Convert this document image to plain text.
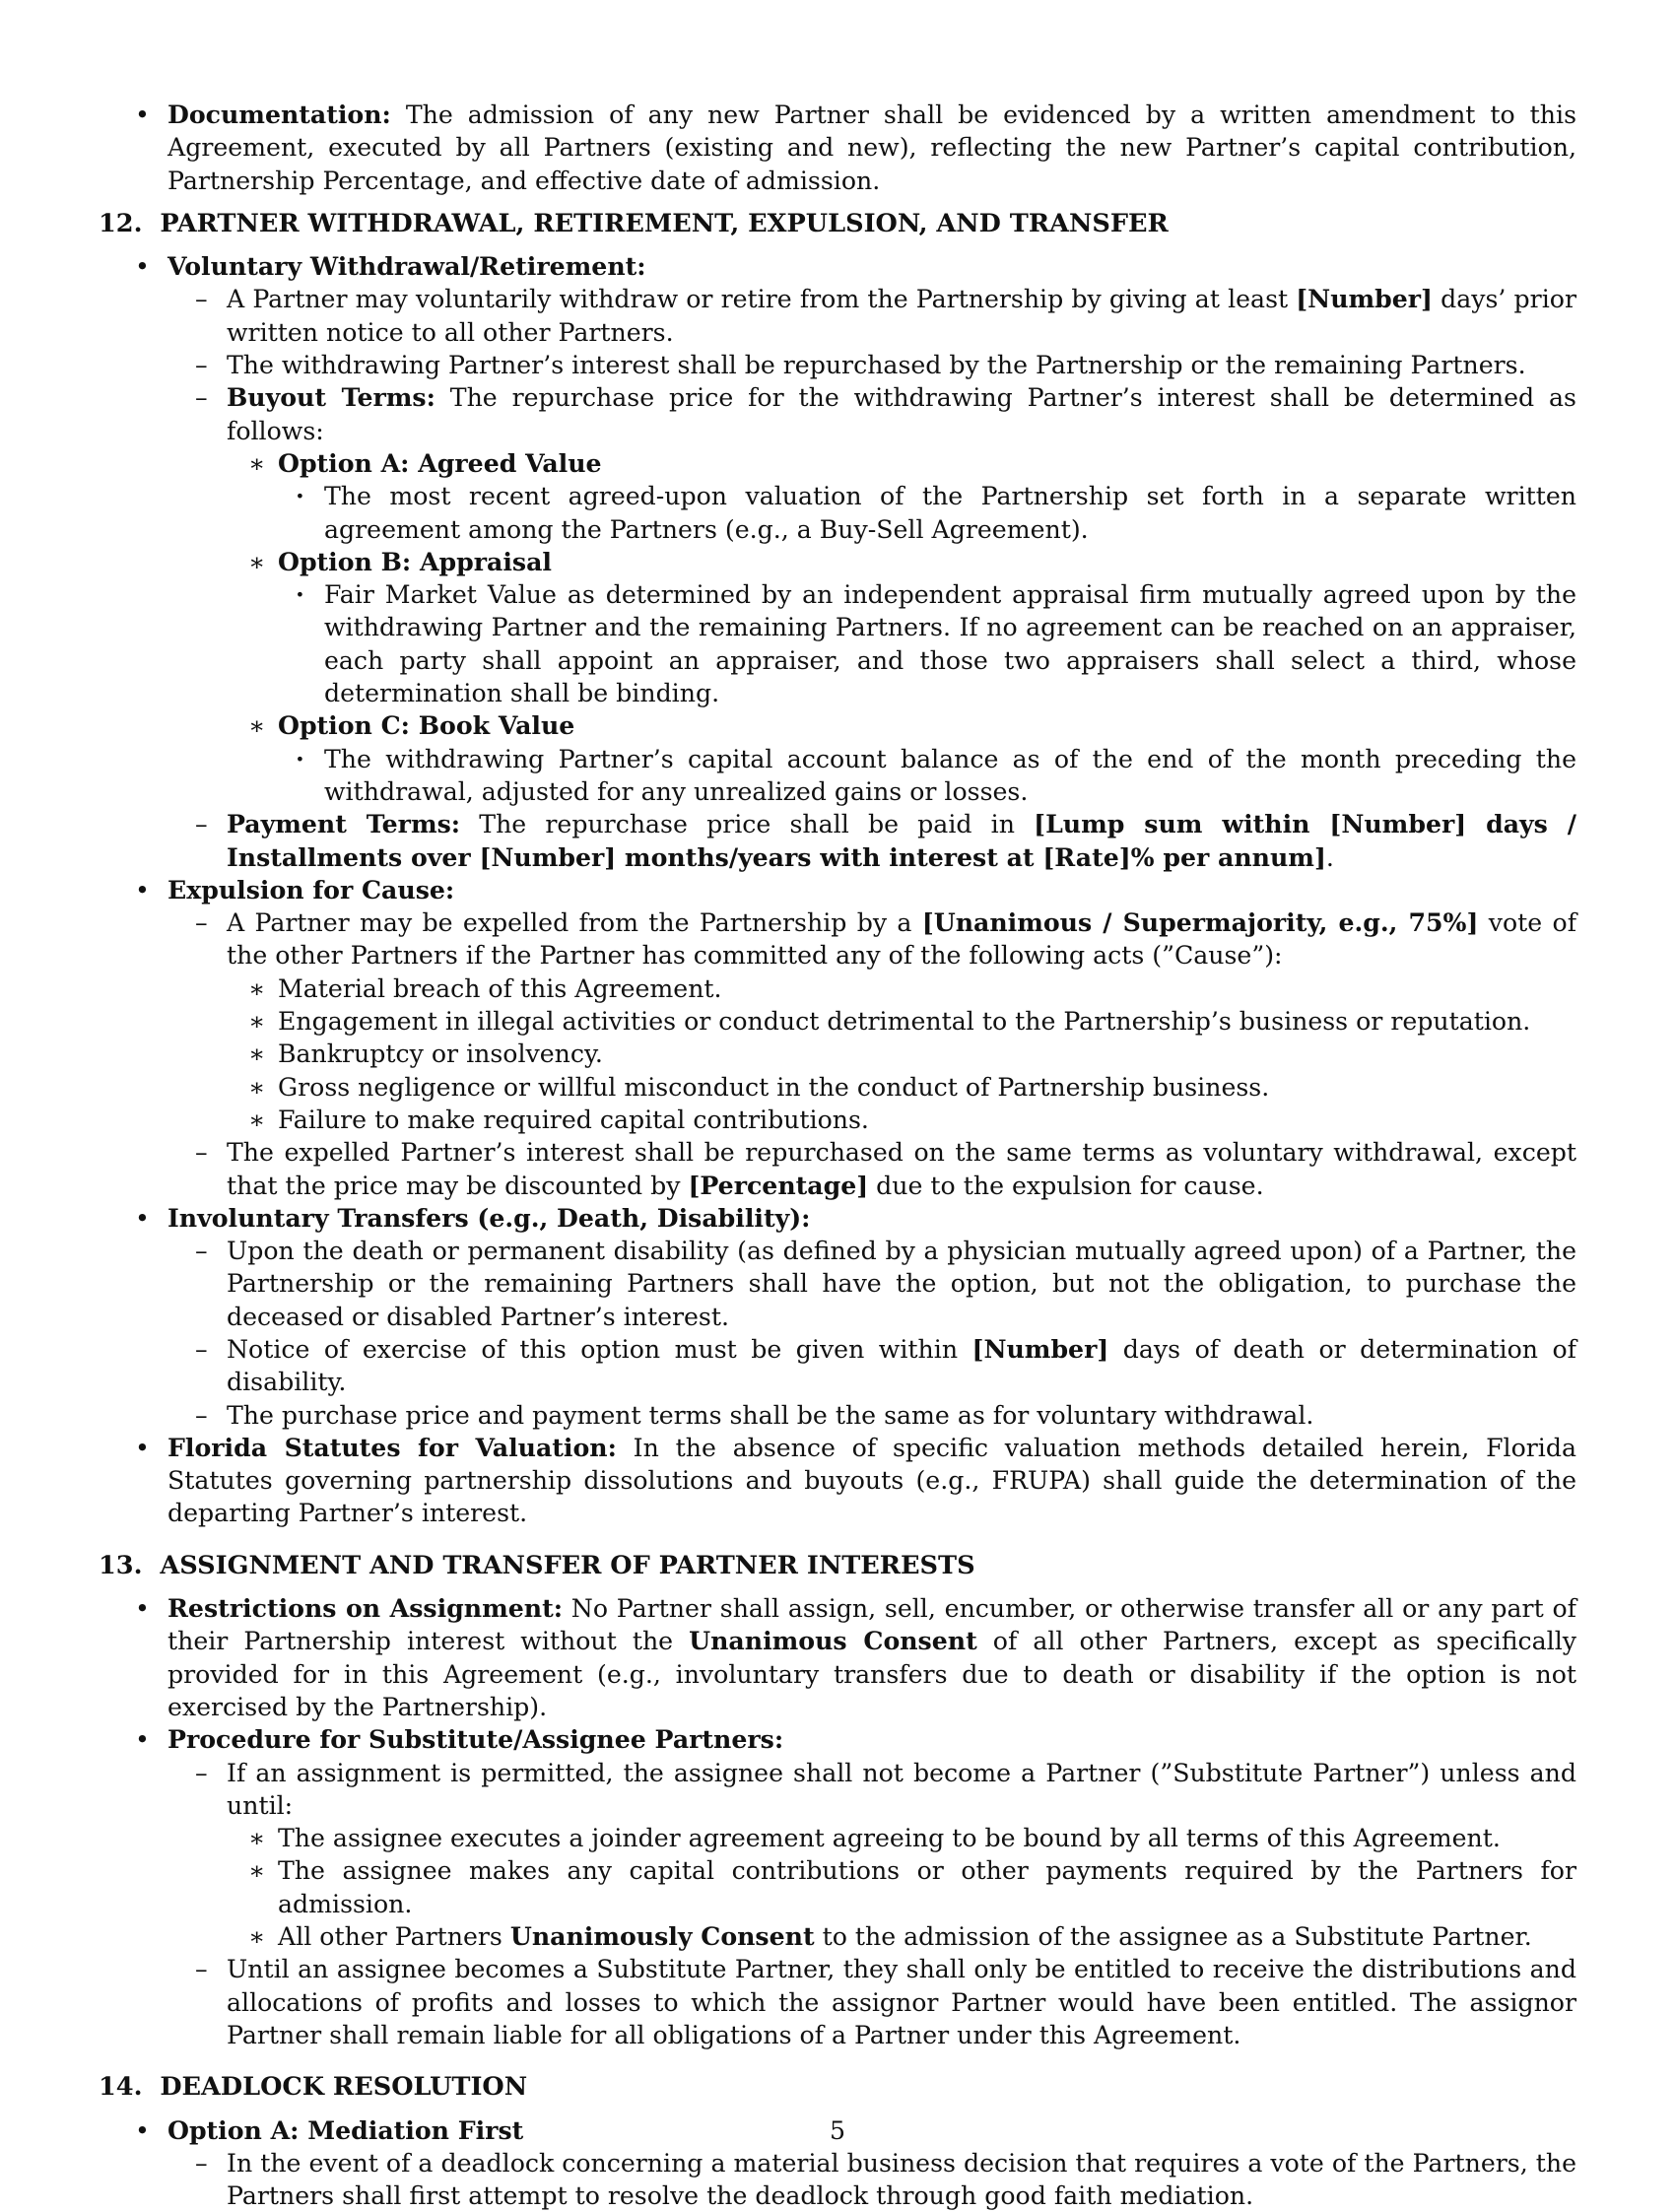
• Documentation: The admission of any new Partner shall be evidenced by a written amendment to this Agreement, executed by all Partners (existing and new), reflecting the new Partner’s capital contribution, Partnership Percentage, and effective date of admission.

12. PARTNER WITHDRAWAL, RETIREMENT, EXPULSION, AND TRANSFER

• Voluntary Withdrawal/Retirement:
– A Partner may voluntarily withdraw or retire from the Partnership by giving at least [Number] days’ prior written notice to all other Partners.
– The withdrawing Partner’s interest shall be repurchased by the Partnership or the remaining Partners.
– Buyout Terms: The repurchase price for the withdrawing Partner’s interest shall be determined as follows:
∗ Option A: Agreed Value
· The most recent agreed-upon valuation of the Partnership set forth in a separate written agreement among the Partners (e.g., a Buy-Sell Agreement).
∗ Option B: Appraisal
· Fair Market Value as determined by an independent appraisal firm mutually agreed upon by the withdrawing Partner and the remaining Partners. If no agreement can be reached on an appraiser, each party shall appoint an appraiser, and those two appraisers shall select a third, whose determination shall be binding.
∗ Option C: Book Value
· The withdrawing Partner’s capital account balance as of the end of the month preceding the withdrawal, adjusted for any unrealized gains or losses.
– Payment Terms: The repurchase price shall be paid in [Lump sum within [Number] days / Installments over [Number] months/years with interest at [Rate]% per annum].
• Expulsion for Cause:
– A Partner may be expelled from the Partnership by a [Unanimous / Supermajority, e.g., 75%] vote of the other Partners if the Partner has committed any of the following acts (”Cause”):
∗ Material breach of this Agreement.
∗ Engagement in illegal activities or conduct detrimental to the Partnership’s business or reputation.
∗ Bankruptcy or insolvency.
∗ Gross negligence or willful misconduct in the conduct of Partnership business.
∗ Failure to make required capital contributions.
– The expelled Partner’s interest shall be repurchased on the same terms as voluntary withdrawal, except that the price may be discounted by [Percentage] due to the expulsion for cause.
• Involuntary Transfers (e.g., Death, Disability):
– Upon the death or permanent disability (as defined by a physician mutually agreed upon) of a Partner, the Partnership or the remaining Partners shall have the option, but not the obligation, to purchase the deceased or disabled Partner’s interest.
– Notice of exercise of this option must be given within [Number] days of death or determination of disability.
– The purchase price and payment terms shall be the same as for voluntary withdrawal.
• Florida Statutes for Valuation: In the absence of specific valuation methods detailed herein, Florida Statutes governing partnership dissolutions and buyouts (e.g., FRUPA) shall guide the determination of the departing Partner’s interest.

13. ASSIGNMENT AND TRANSFER OF PARTNER INTERESTS

• Restrictions on Assignment: No Partner shall assign, sell, encumber, or otherwise transfer all or any part of their Partnership interest without the Unanimous Consent of all other Partners, except as specifically provided for in this Agreement (e.g., involuntary transfers due to death or disability if the option is not exercised by the Partnership).
• Procedure for Substitute/Assignee Partners:
– If an assignment is permitted, the assignee shall not become a Partner (”Substitute Partner”) unless and until:
∗ The assignee executes a joinder agreement agreeing to be bound by all terms of this Agreement.
∗ The assignee makes any capital contributions or other payments required by the Partners for admission.
∗ All other Partners Unanimously Consent to the admission of the assignee as a Substitute Partner.
– Until an assignee becomes a Substitute Partner, they shall only be entitled to receive the distributions and allocations of profits and losses to which the assignor Partner would have been entitled. The assignor Partner shall remain liable for all obligations of a Partner under this Agreement.

14. DEADLOCK RESOLUTION

• Option A: Mediation First
– In the event of a deadlock concerning a material business decision that requires a vote of the Partners, the Partners shall first attempt to resolve the deadlock through good faith mediation.
5
